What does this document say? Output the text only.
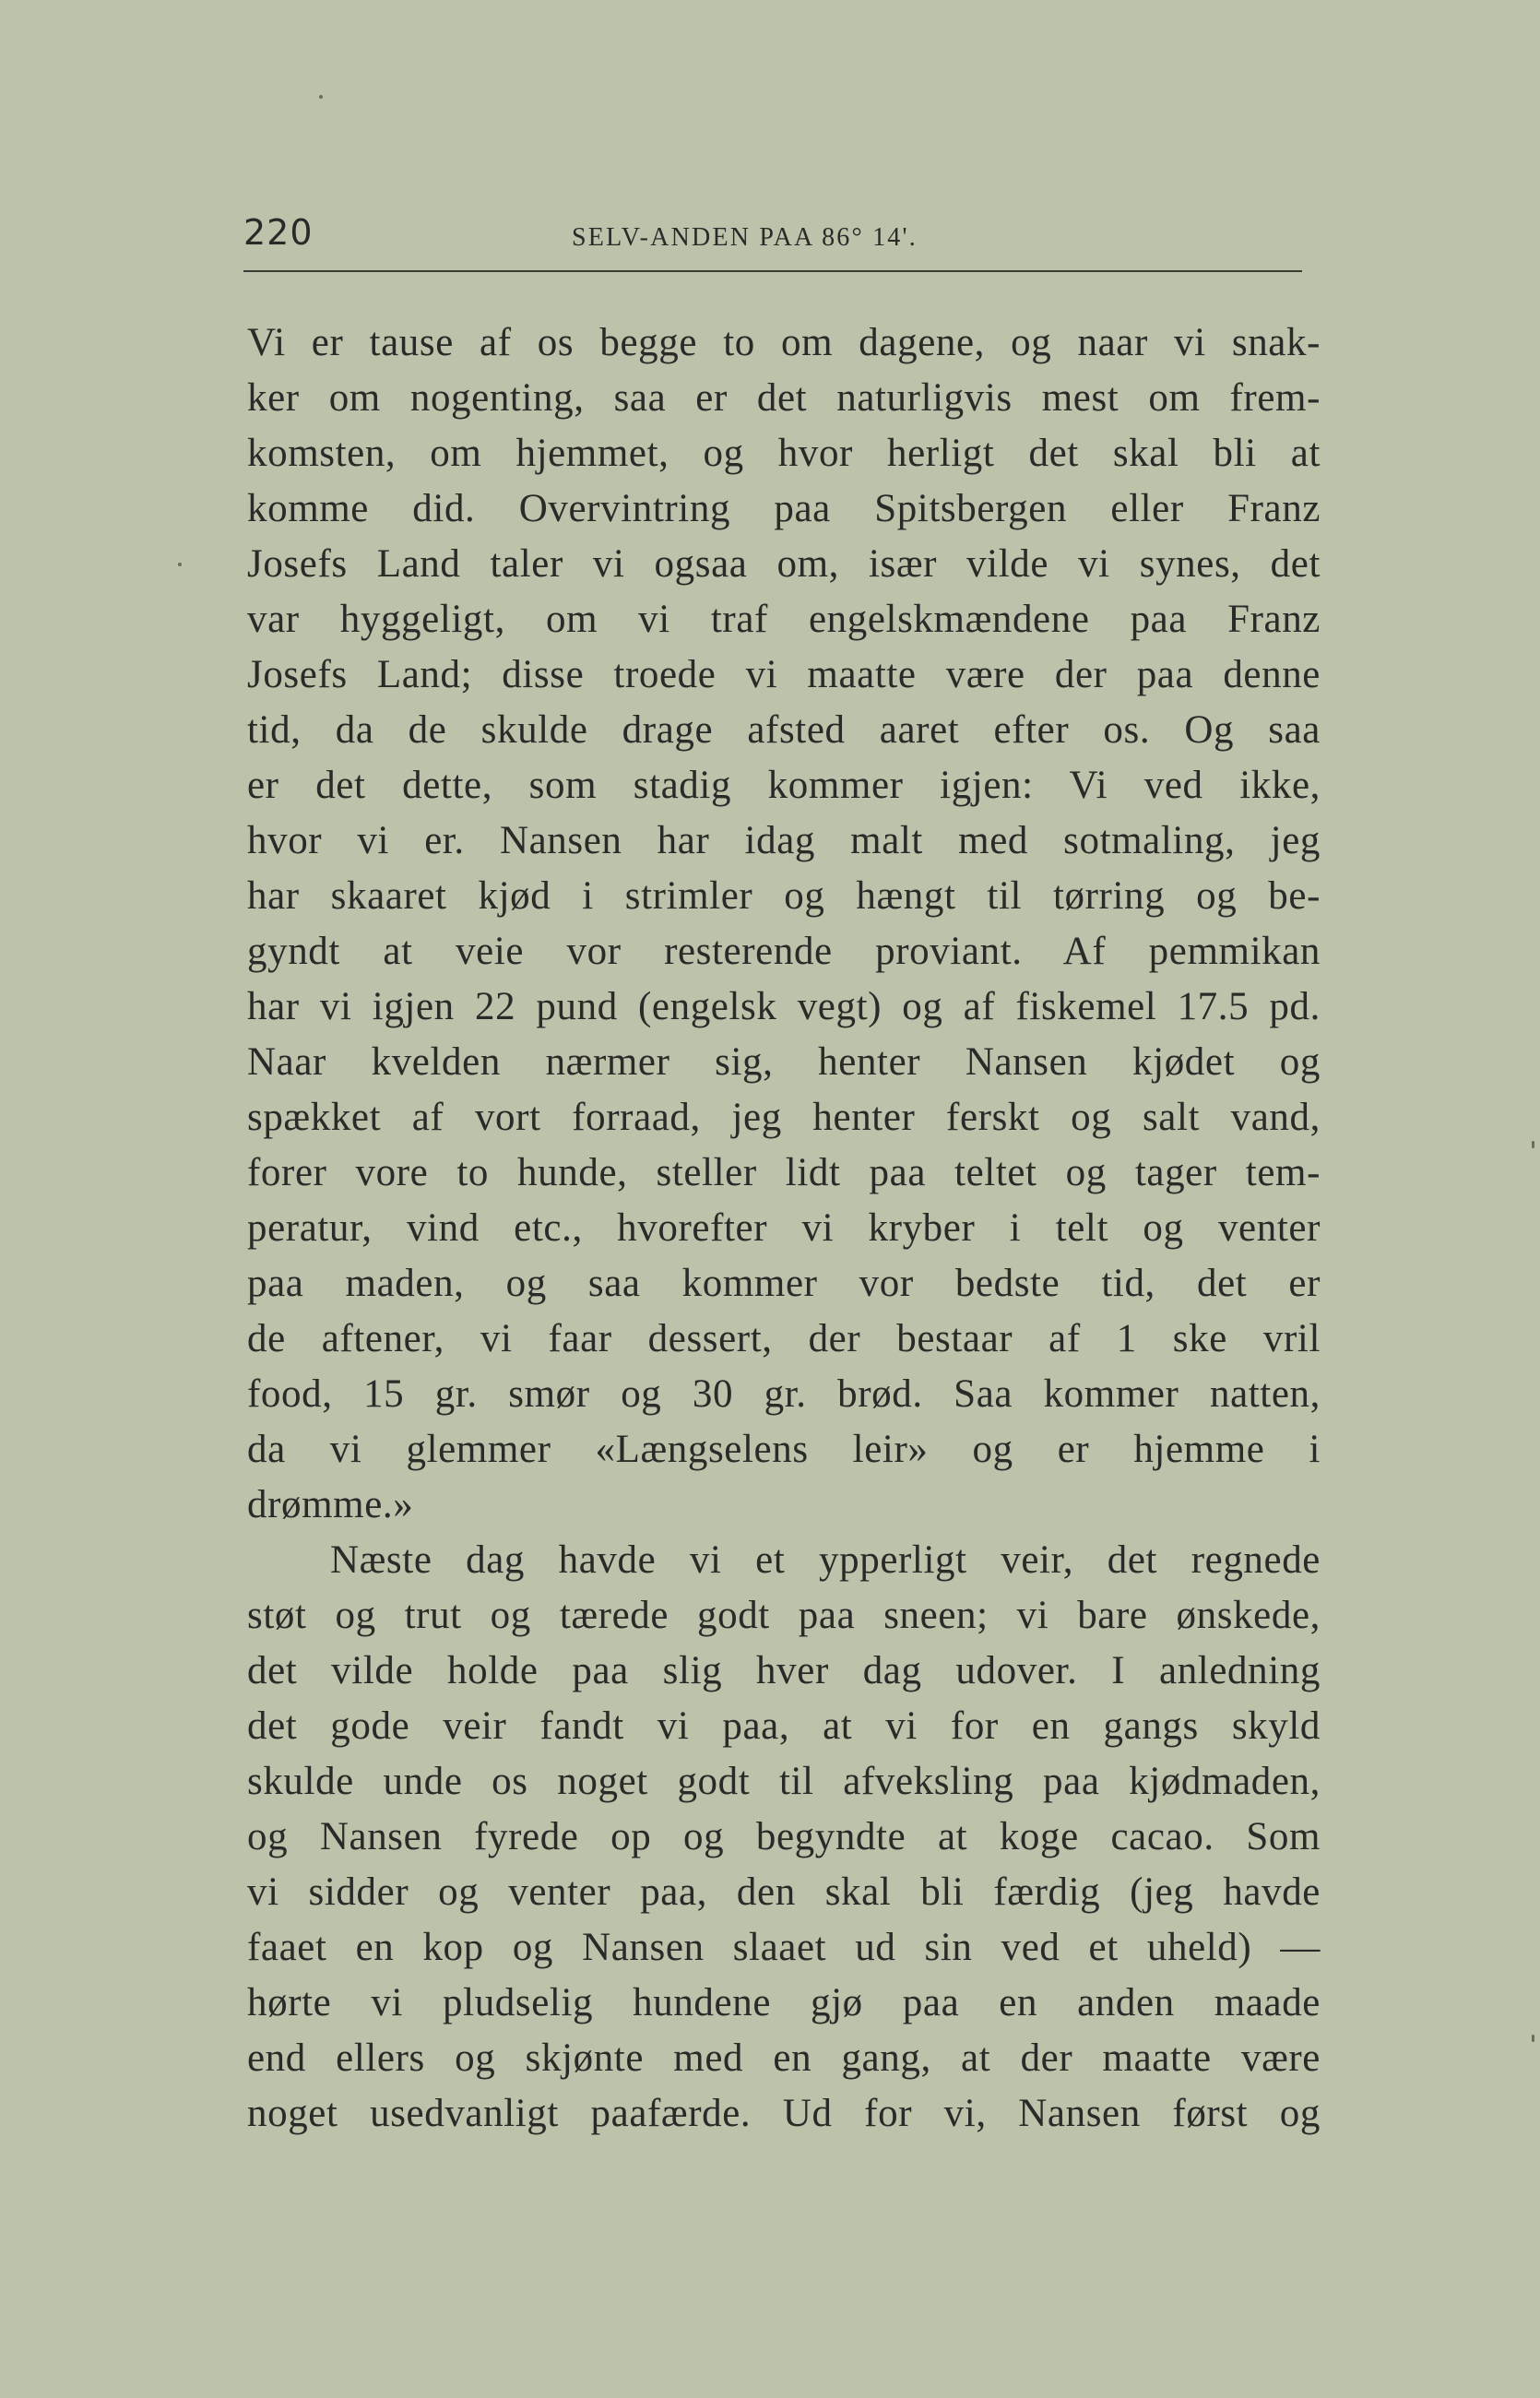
220	SELV-ANDEN PAA 86° 14'.
Vi er tause af os begge to om dagene, og naar vi snak-
ker om nogenting, saa er det naturligvis mest om frem-
komsten, om hjemmet, og hvor herligt det skal bli at
komme did. Overvintring paa Spitsbergen eller Franz
Josefs Land taler vi ogsaa om, især vilde vi synes, det
var hyggeligt, om vi traf engelskmændene paa Franz
Josefs Land; disse troede vi maatte være der paa denne
tid, da de skulde drage afsted aaret efter os. Og saa
er det dette, som stadig kommer igjen: Vi ved ikke,
hvor vi er. Nansen har idag malt med sotmaling, jeg
har skaaret kjød i strimler og hængt til tørring og be-
gyndt at veie vor resterende proviant. Af pemmikan
har vi igjen 22 pund (engelsk vegt) og af fiskemel 17.5 pd.
Naar kvelden nærmer sig, henter Nansen kjødet og
spækket af vort forraad, jeg henter ferskt og salt vand,
forer vore to hunde, steller lidt paa teltet og tager tem-
peratur, vind etc., hvorefter vi kryber i telt og venter
paa maden, og saa kommer vor bedste tid, det er
de aftener, vi faar dessert, der bestaar af 1 ske vril
food, 15 gr. smør og 30 gr. brød. Saa kommer natten,
da vi glemmer «Længselens leir» og er hjemme i
drømme.»
Næste dag havde vi et ypperligt veir, det regnede
støt og trut og tærede godt paa sneen; vi bare ønskede,
det vilde holde paa slig hver dag udover. I anledning
det gode veir fandt vi paa, at vi for en gangs skyld
skulde unde os noget godt til afveksling paa kjødmaden,
og Nansen fyrede op og begyndte at koge cacao. Som
vi sidder og venter paa, den skal bli færdig (jeg havde
faaet en kop og Nansen slaaet ud sin ved et uheld) —
hørte vi pludselig hundene gjø paa en anden maade
end ellers og skjønte med en gang, at der maatte være
noget usedvanligt paafærde. Ud for vi, Nansen først og
